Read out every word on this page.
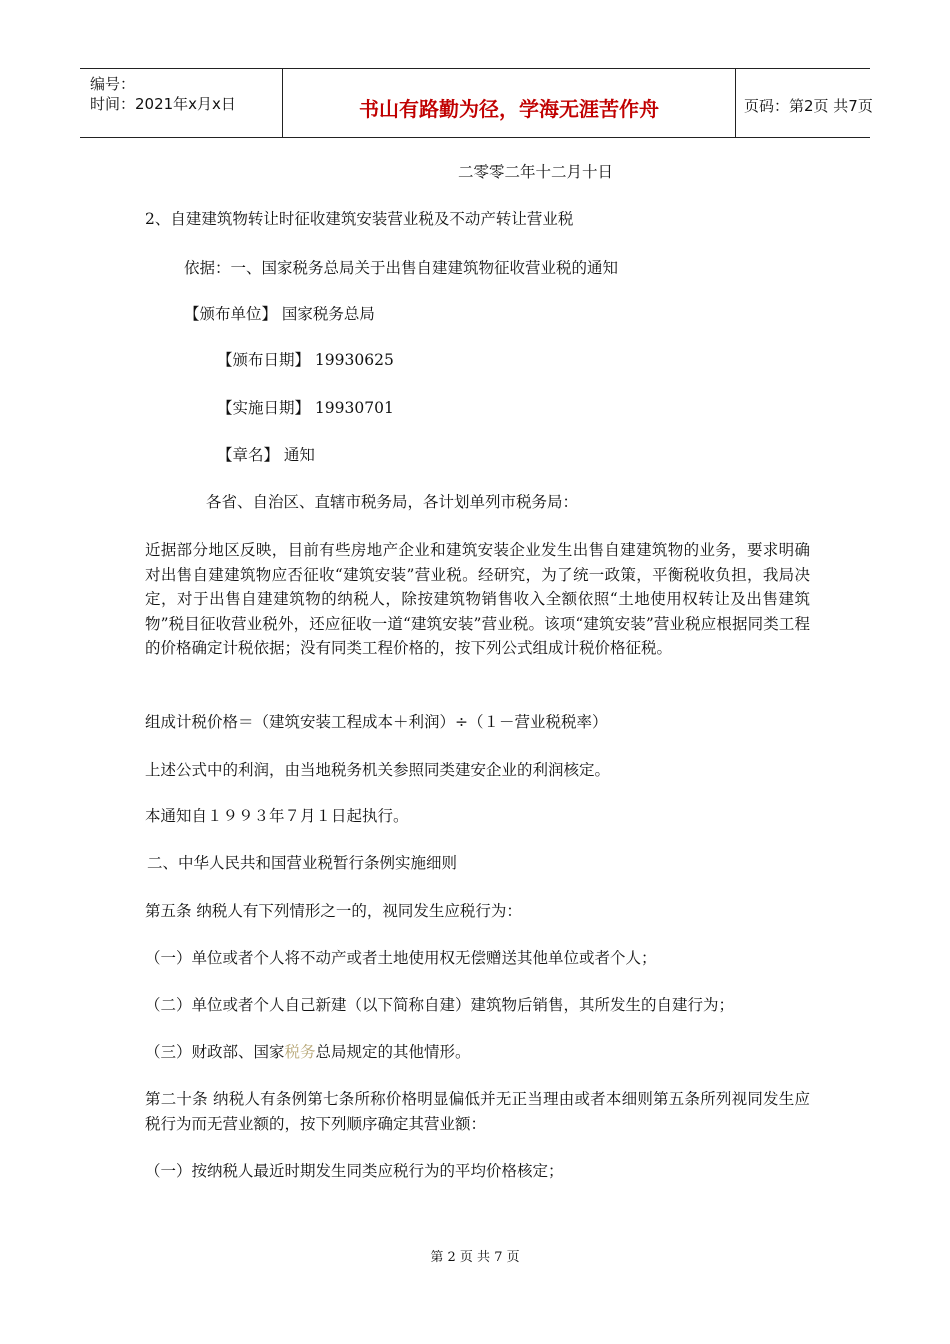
编号：
时间：2021年x月x日	书山有路勤为径，学海无涯苦作舟	页码：第2页 共7页
二零零二年十二月十日
2、自建建筑物转让时征收建筑安装营业税及不动产转让营业税
依据：一、国家税务总局关于出售自建建筑物征收营业税的通知
【颁布单位】 国家税务总局
【颁布日期】 19930625
【实施日期】 19930701
【章名】 通知
各省、自治区、直辖市税务局，各计划单列市税务局：
近据部分地区反映，目前有些房地产企业和建筑安装企业发生出售自建建筑物的业务，要求明确对出售自建建筑物应否征收“建筑安装”营业税。经研究，为了统一政策，平衡税收负担，我局决定，对于出售自建建筑物的纳税人，除按建筑物销售收入全额依照“土地使用权转让及出售建筑物”税目征收营业税外，还应征收一道“建筑安装”营业税。该项“建筑安装”营业税应根据同类工程的价格确定计税依据；没有同类工程价格的，按下列公式组成计税价格征税。
组成计税价格＝（建筑安装工程成本＋利润）÷（１－营业税税率）
上述公式中的利润，由当地税务机关参照同类建安企业的利润核定。
本通知自１９９３年７月１日起执行。
二、中华人民共和国营业税暂行条例实施细则
第五条 纳税人有下列情形之一的，视同发生应税行为：
（一）单位或者个人将不动产或者土地使用权无偿赠送其他单位或者个人；
（二）单位或者个人自己新建（以下简称自建）建筑物后销售，其所发生的自建行为；
（三）财政部、国家税务总局规定的其他情形。
第二十条 纳税人有条例第七条所称价格明显偏低并无正当理由或者本细则第五条所列视同发生应税行为而无营业额的，按下列顺序确定其营业额：
（一）按纳税人最近时期发生同类应税行为的平均价格核定；
第 2 页 共 7 页
